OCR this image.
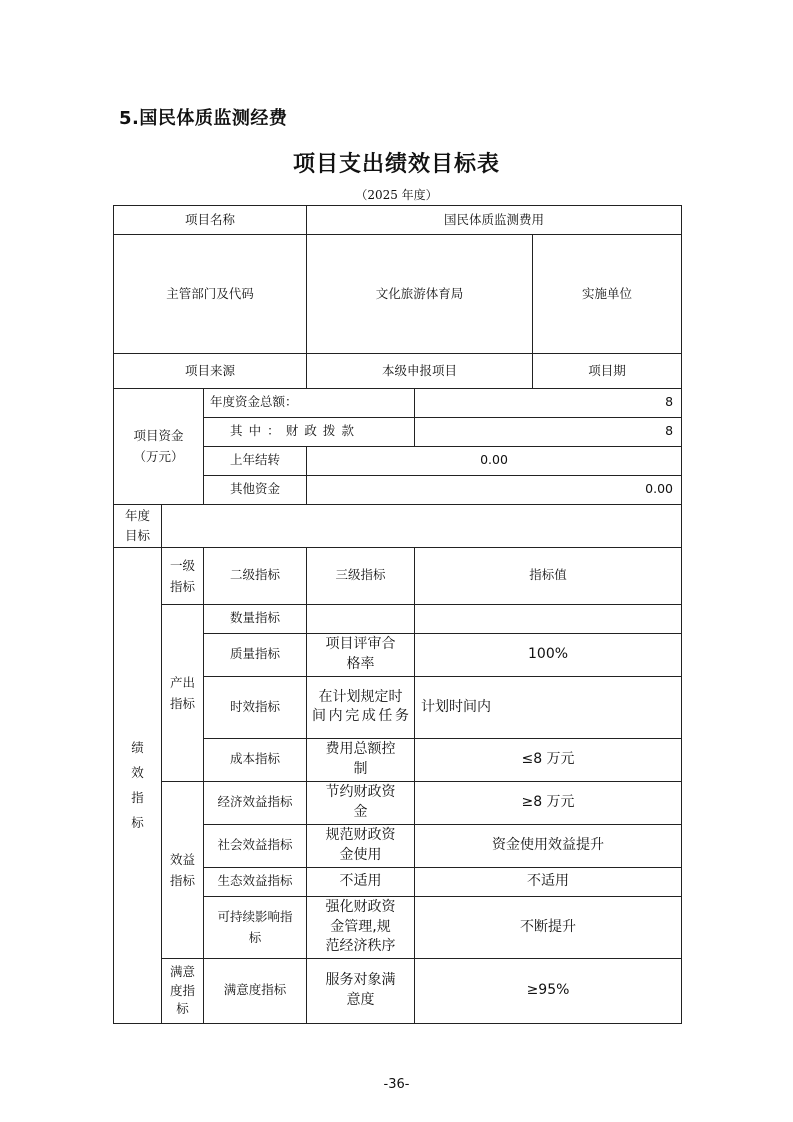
5.国民体质监测经费
项目支出绩效目标表
（2025 年度）
项目名称			国民体质监测费用			
主管部门及代码			文化旅游体育局		实施单位	
项目来源			本级申报项目		项目期	
项目资金（万元）		年度资金总额：		8		
		其中：财政拨款		8		
		上年结转	0.00			
		其他资金	0.00			
年度目标						
绩效指标	一级指标	二级指标	三级指标	指标值		
	产出指标	数量指标				
		质量指标	项目评审合格率	100%		
		时效指标	在计划规定时间内完成任务	计划时间内		
		成本指标	费用总额控制	≤8 万元		
	效益指标	经济效益指标	节约财政资金	≥8 万元		
		社会效益指标	规范财政资金使用	资金使用效益提升		
		生态效益指标	不适用	不适用		
		可持续影响指标	强化财政资金管理,规范经济秩序	不断提升		
	满意度指标	满意度指标	服务对象满意度	≥95%		
-36-
